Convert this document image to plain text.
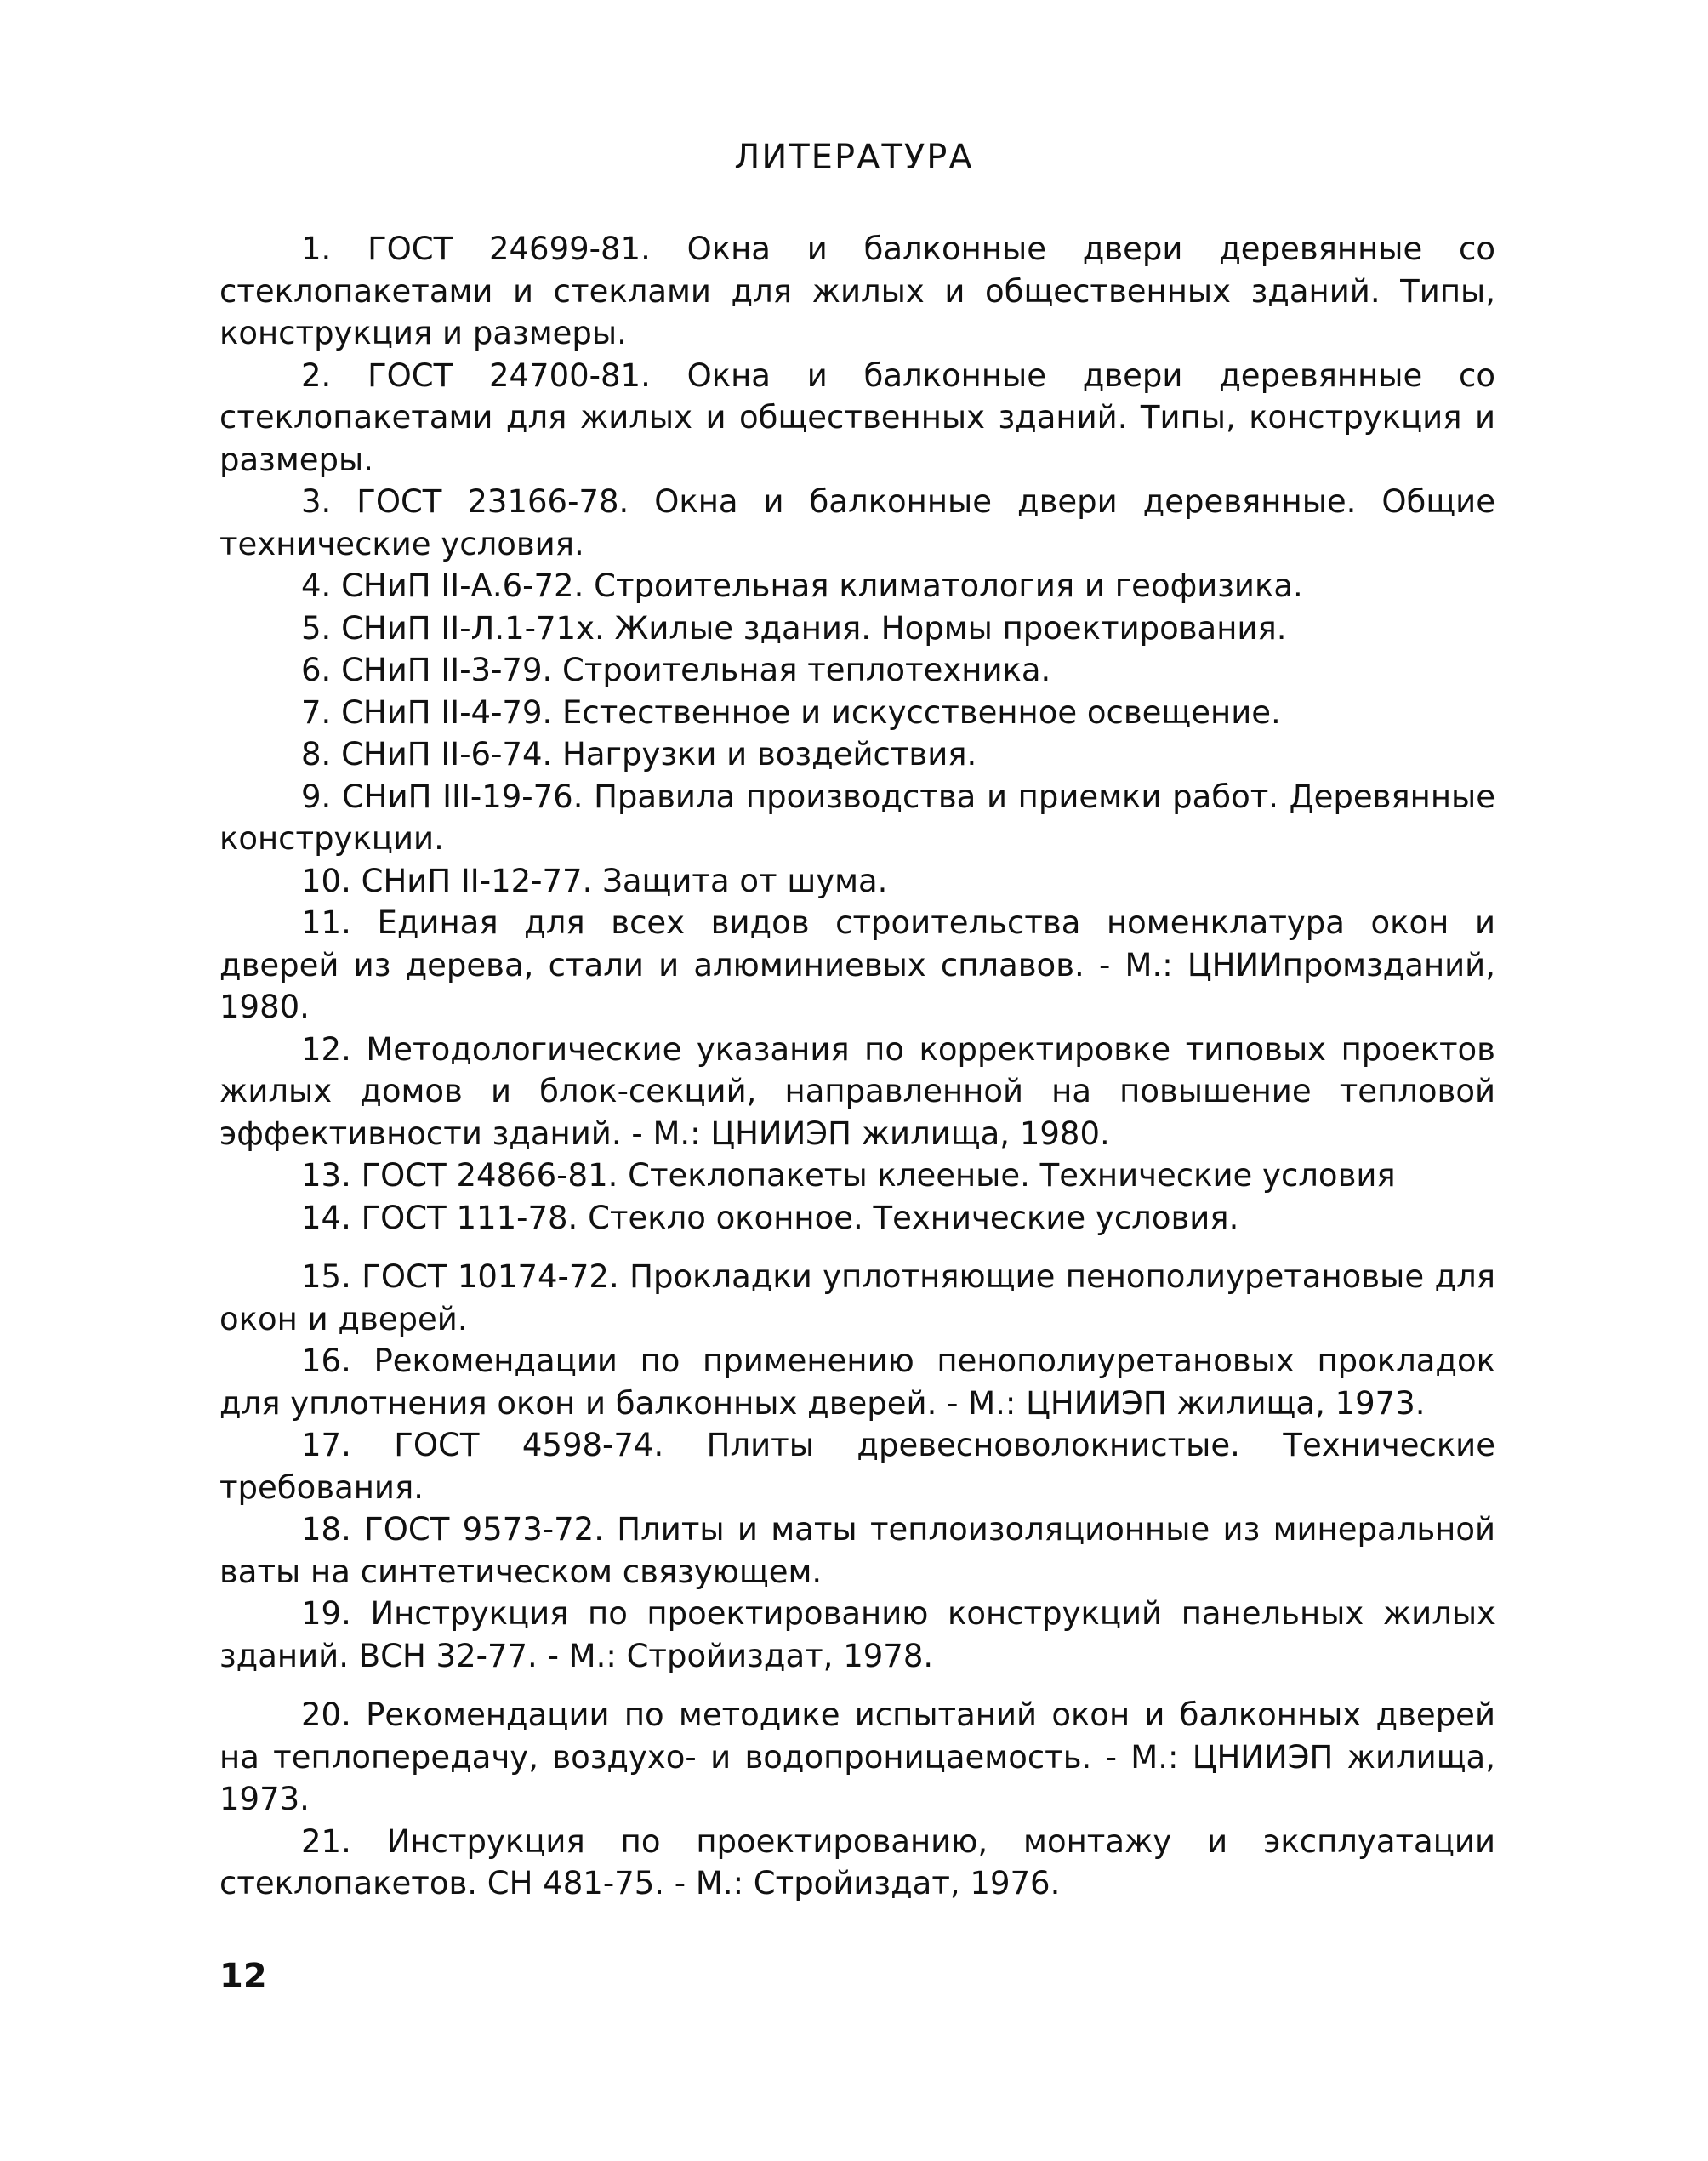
ЛИТЕРАТУРА
1. ГОСТ 24699-81. Окна и балконные двери деревянные со стеклопакетами и стеклами для жилых и общественных зданий. Типы, конструкция и размеры.
2. ГОСТ 24700-81. Окна и балконные двери деревянные со стеклопакетами для жилых и общественных зданий. Типы, конструкция и размеры.
3. ГОСТ 23166-78. Окна и балконные двери деревянные. Общие технические условия.
4. СНиП II-А.6-72. Строительная климатология и геофизика.
5. СНиП II-Л.1-71х. Жилые здания. Нормы проектирования.
6. СНиП II-3-79. Строительная теплотехника.
7. СНиП II-4-79. Естественное и искусственное освещение.
8. СНиП II-6-74. Нагрузки и воздействия.
9. СНиП III-19-76. Правила производства и приемки работ. Деревянные конструкции.
10. СНиП II-12-77. Защита от шума.
11. Единая для всех видов строительства номенклатура окон и дверей из дерева, стали и алюминиевых сплавов. - М.: ЦНИИпромзданий, 1980.
12. Методологические указания по корректировке типовых проектов жилых домов и блок-секций, направленной на повышение тепловой эффективности зданий. - М.: ЦНИИЭП жилища, 1980.
13. ГОСТ 24866-81. Стеклопакеты клееные. Технические условия
14. ГОСТ 111-78. Стекло оконное. Технические условия.
15. ГОСТ 10174-72. Прокладки уплотняющие пенополиуретановые для окон и дверей.
16. Рекомендации по применению пенополиуретановых прокладок для уплотнения окон и балконных дверей. - М.: ЦНИИЭП жилища, 1973.
17. ГОСТ 4598-74. Плиты древесноволокнистые. Технические требования.
18. ГОСТ 9573-72. Плиты и маты теплоизоляционные из минеральной ваты на синтетическом связующем.
19. Инструкция по проектированию конструкций панельных жилых зданий. ВСН 32-77. - М.: Стройиздат, 1978.
20. Рекомендации по методике испытаний окон и балконных дверей на теплопередачу, воздухо- и водопроницаемость. - М.: ЦНИИЭП жилища, 1973.
21. Инструкция по проектированию, монтажу и эксплуатации стеклопакетов. СН 481-75. - М.: Стройиздат, 1976.
12
